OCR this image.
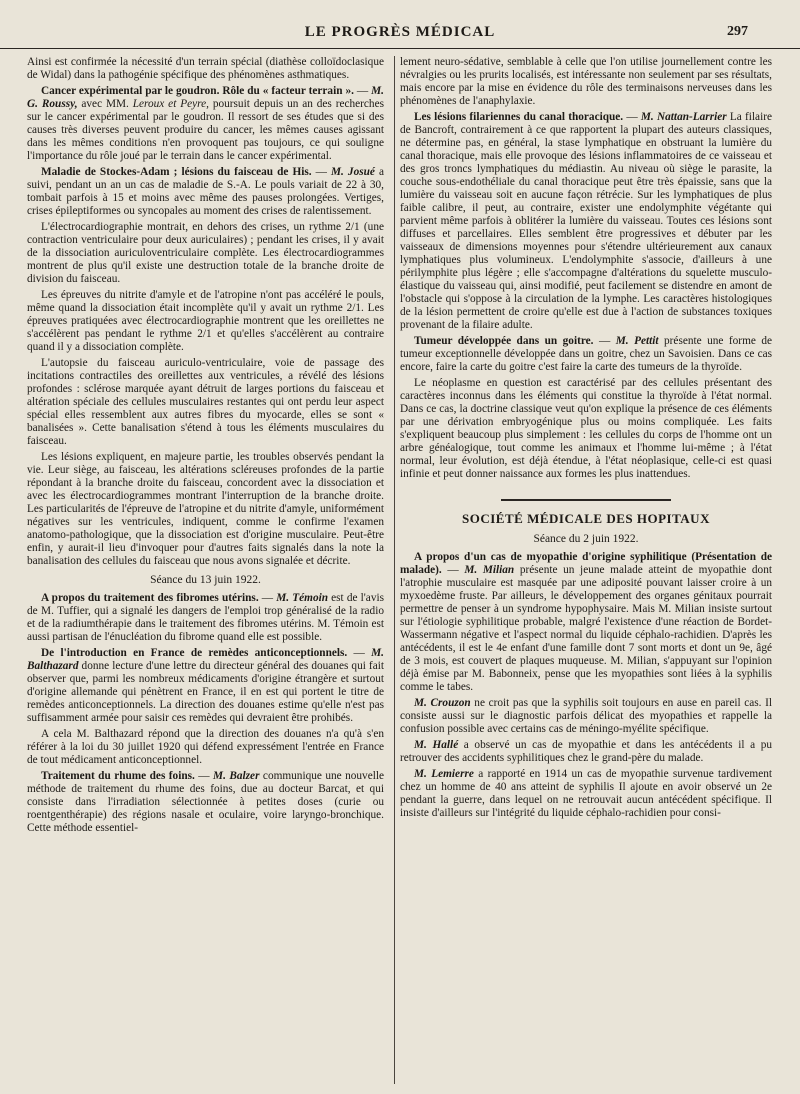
LE PROGRÈS MÉDICAL	297

Ainsi est confirmée la nécessité d'un terrain spécial (diathèse colloïdoclasique de Widal) dans la pathogénie spécifique des phénomènes asthmatiques.

Cancer expérimental par le goudron. Rôle du « facteur terrain ». — M. G. Roussy, avec MM. Leroux et Peyre, poursuit depuis un an des recherches sur le cancer expérimental par le goudron. Il ressort de ses études que si des causes très diverses peuvent produire du cancer, les mêmes causes agissant dans les mêmes conditions n'en provoquent pas toujours, ce qui souligne l'importance du rôle joué par le terrain dans le cancer expérimental.

Maladie de Stockes-Adam ; lésions du faisceau de His. — M. Josué a suivi, pendant un an un cas de maladie de S.-A. Le pouls variait de 22 à 30, tombait parfois à 15 et moins avec même des pauses prolongées. Vertiges, crises épileptiformes ou syncopales au moment des crises de ralentissement.

L'électrocardiographie montrait, en dehors des crises, un rythme 2/1 (une contraction ventriculaire pour deux auriculaires) ; pendant les crises, il y avait de la dissociation auriculoventriculaire complète. Les électrocardiogrammes montrent de plus qu'il existe une destruction totale de la branche droite de division du faisceau.

Les épreuves du nitrite d'amyle et de l'atropine n'ont pas accéléré le pouls, même quand la dissociation était incomplète qu'il y avait un rythme 2/1. Les épreuves pratiquées avec électrocardiographie montrent que les oreillettes ne s'accélèrent pas pendant le rythme 2/1 et qu'elles s'accélèrent au contraire quand il y a dissociation complète.

L'autopsie du faisceau auriculo-ventriculaire, voie de passage des incitations contractiles des oreillettes aux ventricules, a révélé des lésions profondes : sclérose marquée ayant détruit de larges portions du faisceau et altération spéciale des cellules musculaires restantes qui ont perdu leur aspect spécial elles ressemblent aux autres fibres du myocarde, elles se sont « banalisées ». Cette banalisation s'étend à tous les éléments musculaires du faisceau.

Les lésions expliquent, en majeure partie, les troubles observés pendant la vie. Leur siège, au faisceau, les altérations scléreuses profondes de la partie répondant à la branche droite du faisceau, concordent avec la dissociation et avec les électrocardiogrammes montrant l'interruption de la branche droite. Les particularités de l'épreuve de l'atropine et du nitrite d'amyle, uniformément négatives sur les ventricules, indiquent, comme le confirme l'examen anatomo-pathologique, que la dissociation est d'origine musculaire. Peut-être enfin, y aurait-il lieu d'invoquer pour d'autres faits signalés dans la note la banalisation des cellules du faisceau que nous avons signalée et décrite.

Séance du 13 juin 1922.

A propos du traitement des fibromes utérins. — M. Témoin est de l'avis de M. Tuffier, qui a signalé les dangers de l'emploi trop généralisé de la radio et de la radiumthérapie dans le traitement des fibromes utérins. M. Témoin est aussi partisan de l'énucléation du fibrome quand elle est possible.

De l'introduction en France de remèdes anticonceptionnels. — M. Balthazard donne lecture d'une lettre du directeur général des douanes qui fait observer que, parmi les nombreux médicaments d'origine étrangère et surtout d'origine allemande qui pénètrent en France, il en est qui portent le titre de remèdes anticonceptionnels. La direction des douanes estime qu'elle n'est pas suffisamment armée pour saisir ces remèdes qui devraient être prohibés.

A cela M. Balthazard répond que la direction des douanes n'a qu'à s'en référer à la loi du 30 juillet 1920 qui défend expressément l'entrée en France de tout médicament anticonceptionnel.

Traitement du rhume des foins. — M. Balzer communique une nouvelle méthode de traitement du rhume des foins, due au docteur Barcat, et qui consiste dans l'irradiation sélectionnée à petites doses (curie ou roentgenthérapie) des régions nasale et oculaire, voire laryngo-bronchique. Cette méthode essentiel-

lement neuro-sédative, semblable à celle que l'on utilise journellement contre les névralgies ou les prurits localisés, est intéressante non seulement par ses résultats, mais encore par la mise en évidence du rôle des terminaisons nerveuses dans les phénomènes de l'anaphylaxie.

Les lésions filariennes du canal thoracique. — M. Nattan-Larrier La filaire de Bancroft, contrairement à ce que rapportent la plupart des auteurs classiques, ne détermine pas, en général, la stase lymphatique en obstruant la lumière du canal thoracique, mais elle provoque des lésions inflammatoires de ce vaisseau et des gros troncs lymphatiques du médiastin. Au niveau où siège le parasite, la couche sous-endothéliale du canal thoracique peut être très épaissie, sans que la lumière du vaisseau soit en aucune façon rétrécie. Sur les lymphatiques de plus faible calibre, il peut, au contraire, exister une endolymphite végétante qui parvient même parfois à oblitérer la lumière du vaisseau. Toutes ces lésions sont diffuses et parcellaires. Elles semblent être progressives et débuter par les vaisseaux de dimensions moyennes pour s'étendre ultérieurement aux canaux lymphatiques plus volumineux. L'endolymphite s'associe, d'ailleurs à une périlymphite plus légère ; elle s'accompagne d'altérations du squelette musculo-élastique du vaisseau qui, ainsi modifié, peut facilement se distendre en amont de l'obstacle qui s'oppose à la circulation de la lymphe. Les caractères histologiques de la lésion permettent de croire qu'elle est due à l'action de substances toxiques provenant de la filaire adulte.

Tumeur développée dans un goitre. — M. Pettit présente une forme de tumeur exceptionnelle développée dans un goitre, chez un Savoisien. Dans ce cas encore, faire la carte du goitre c'est faire la carte des tumeurs de la thyroïde.

Le néoplasme en question est caractérisé par des cellules présentant des caractères inconnus dans les éléments qui constitue la thyroïde à l'état normal. Dans ce cas, la doctrine classique veut qu'on explique la présence de ces éléments par une dérivation embryogénique plus ou moins compliquée. Les faits s'expliquent beaucoup plus simplement : les cellules du corps de l'homme ont un arbre généalogique, tout comme les animaux et l'homme lui-même ; à l'état normal, leur évolution, est déjà étendue, à l'état néoplasique, celle-ci est quasi infinie et peut donner naissance aux formes les plus inattendues.

SOCIÉTÉ MÉDICALE DES HOPITAUX
Séance du 2 juin 1922.

A propos d'un cas de myopathie d'origine syphilitique (Présentation de malade). — M. Milian présente un jeune malade atteint de myopathie dont l'atrophie musculaire est masquée par une adiposité pouvant laisser croire à un myxoedème fruste. Par ailleurs, le développement des organes génitaux pourrait permettre de penser à un syndrome hypophysaire. Mais M. Milian insiste surtout sur l'étiologie syphilitique probable, malgré l'existence d'une réaction de Bordet-Wassermann négative et l'aspect normal du liquide céphalo-rachidien. D'après les antécédents, il est le 4e enfant d'une famille dont 7 sont morts et dont un 9e, âgé de 3 mois, est couvert de plaques muqueuse. M. Milian, s'appuyant sur l'opinion déjà émise par M. Babonneix, pense que les myopathies sont liées à la syphilis comme le tabes.

M. Crouzon ne croit pas que la syphilis soit toujours en ause en pareil cas. Il consiste aussi sur le diagnostic parfois délicat des myopathies et rappelle la confusion possible avec certains cas de méningo-myélite spécifique.

M. Hallé a observé un cas de myopathie et dans les antécédents il a pu retrouver des accidents syphilitiques chez le grand-père du malade.

M. Lemierre a rapporté en 1914 un cas de myopathie survenue tardivement chez un homme de 40 ans atteint de syphilis Il ajoute en avoir observé un 2e pendant la guerre, dans lequel on ne retrouvait aucun antécédent spécifique. Il insiste d'ailleurs sur l'intégrité du liquide céphalo-rachidien pour consi-
